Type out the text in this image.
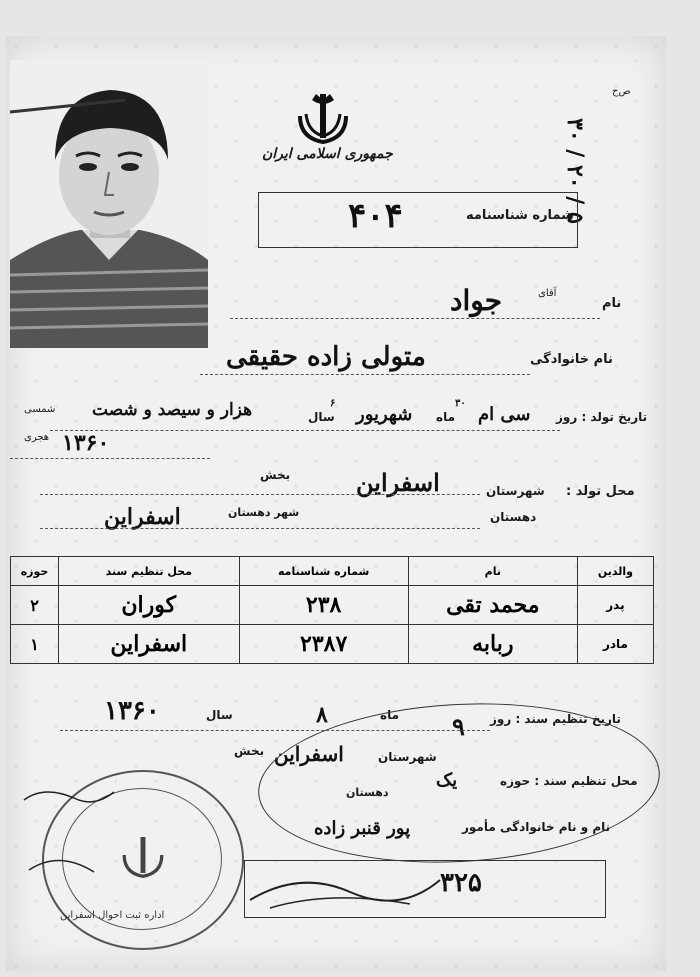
جمهوری اسلامی ایران	۳۰ / ۲۰ / ۵
ص‌ح
شماره شناسنامه
۴۰۴
نام
آقای
جواد
نام خانوادگی
متولی زاده حقیقی
تاریخ تولد : روز
سی ام
۳۰
ماه
شهریور
۶
سال
هزار و سیصد و شصت
شمسی
هجری ۱۳۶۰
محل تولد :
شهرستان
اسفراین
بخش
دهستان
شهر دهستان
اسفراین
والدین	نام	شماره شناسنامه	محل تنظیم سند	حوزه
پدر	محمد تقی	۲۳۸	کوران	۲
مادر	ربابه	۲۳۸۷	اسفراین	۱
تاریخ تنظیم سند : روز
۹
ماه
۸
سال
۱۳۶۰
محل تنظیم سند : حوزه
یک
شهرستان
اسفراین
بخش
دهستان
نام و نام خانوادگی مأمور
پور قنبر زاده
۳۲۵
اداره ثبت احوال اسفراین
